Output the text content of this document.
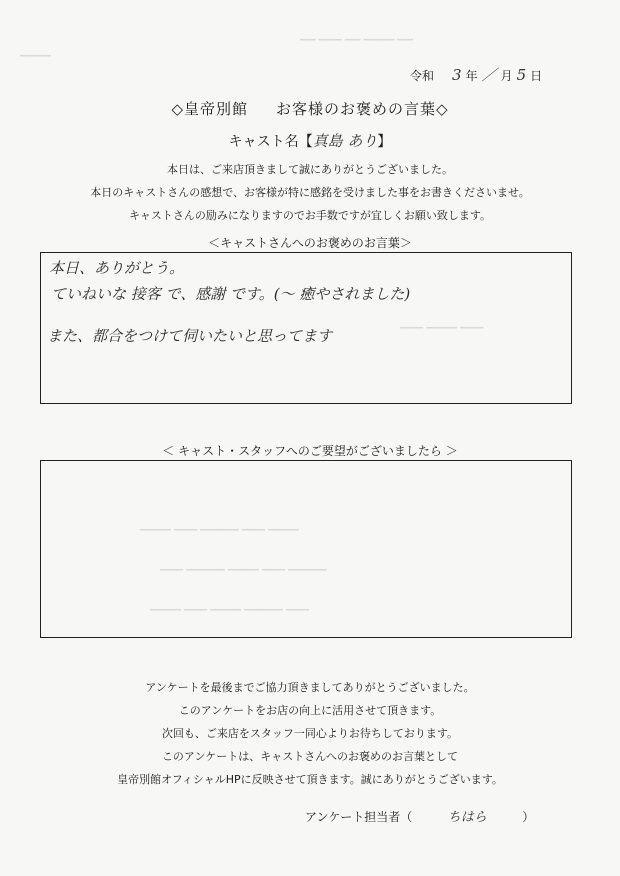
▁▁ ▁▁▁ ▁▁ ▁▁▁▁ ▁▁
▁▁▁▁
▁▁▁ ▁▁▁▁ ▁▁▁
▁▁▁▁ ▁▁▁ ▁▁▁▁▁ ▁▁▁ ▁▁▁▁
▁▁▁ ▁▁▁▁▁ ▁▁▁▁ ▁▁▁ ▁▁▁▁▁
▁▁▁▁ ▁▁▁ ▁▁▁▁ ▁▁▁▁▁ ▁▁▁
令和 3 年 ／ 月 5 日
◇皇帝別館 お客様のお褒めの言葉◇
キャスト名【真島 あり】
本日は、ご来店頂きまして誠にありがとうございました。
本日のキャストさんの感想で、お客様が特に感銘を受けました事をお書きくださいませ。
キャストさんの励みになりますのでお手数ですが宜しくお願い致します。
＜キャストさんへのお褒めのお言葉＞
本日、ありがとう。
ていねいな 接客 で、感謝 です。(～ 癒やされました)
また、都合をつけて伺いたいと思ってます
＜ キャスト・スタッフへのご要望がございましたら ＞
アンケートを最後までご協力頂きましてありがとうございました。
このアンケートをお店の向上に活用させて頂きます。
次回も、ご来店をスタッフ一同心よりお待ちしております。
このアンケートは、キャストさんへのお褒めのお言葉として
皇帝別館オフィシャルHPに反映させて頂きます。誠にありがとうございます。
アンケート担当者（	ちはら	）
